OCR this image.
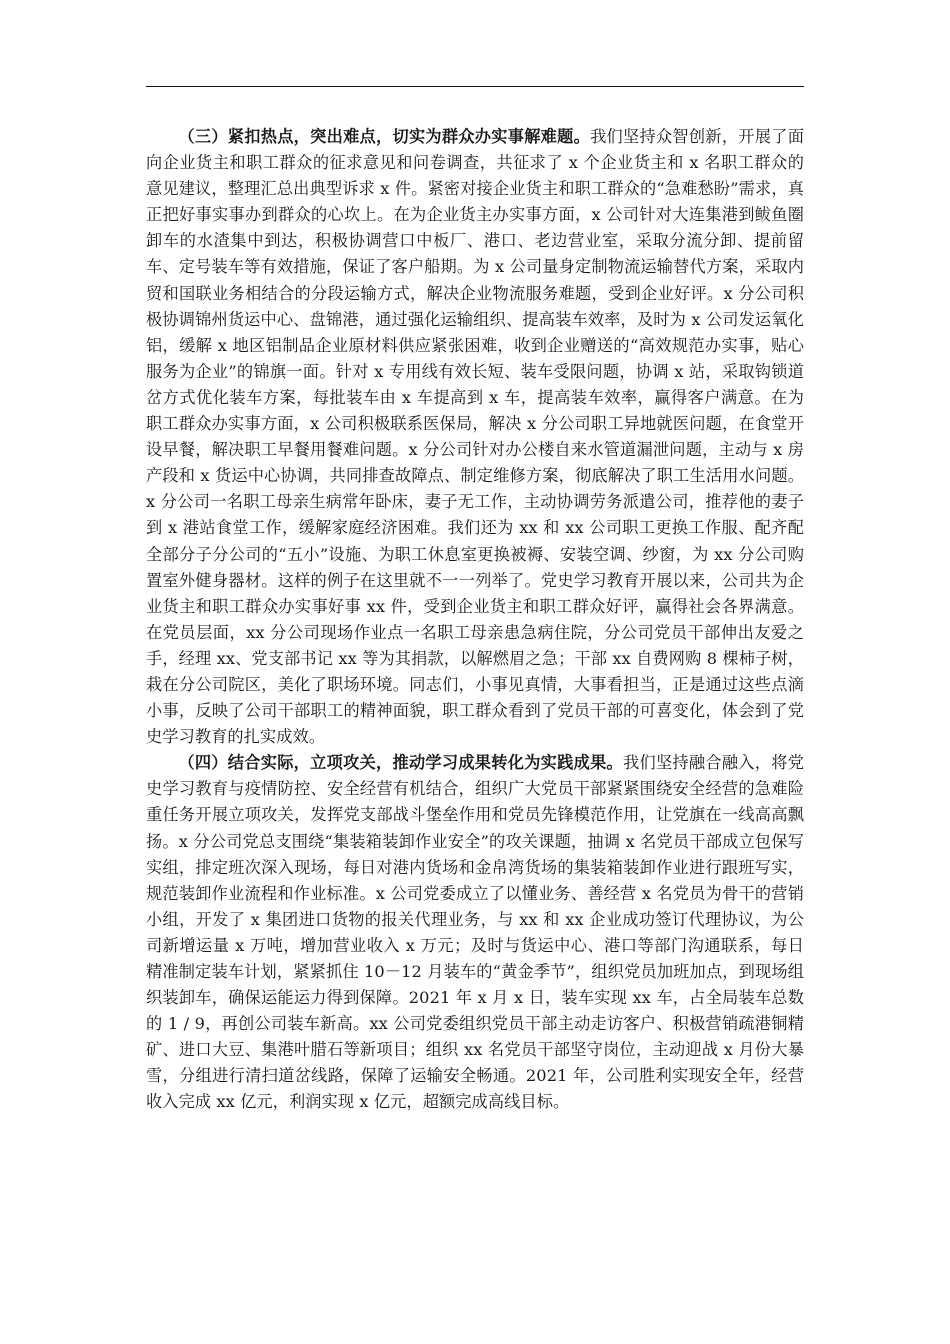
（三）紧扣热点，突出难点，切实为群众办实事解难题。我们坚持众智创新，开展了面向企业货主和职工群众的征求意见和问卷调查，共征求了 x 个企业货主和 x 名职工群众的意见建议，整理汇总出典型诉求 x 件。紧密对接企业货主和职工群众的“急难愁盼”需求，真正把好事实事办到群众的心坎上。在为企业货主办实事方面，x 公司针对大连集港到鲅鱼圈卸车的水渣集中到达，积极协调营口中板厂、港口、老边营业室，采取分流分卸、提前留车、定号装车等有效措施，保证了客户船期。为 x 公司量身定制物流运输替代方案，采取内贸和国联业务相结合的分段运输方式，解决企业物流服务难题，受到企业好评。x 分公司积极协调锦州货运中心、盘锦港，通过强化运输组织、提高装车效率，及时为 x 公司发运氧化铝，缓解 x 地区铝制品企业原材料供应紧张困难，收到企业赠送的“高效规范办实事，贴心服务为企业”的锦旗一面。针对 x 专用线有效长短、装车受限问题，协调 x 站，采取钩锁道岔方式优化装车方案，每批装车由 x 车提高到 x 车，提高装车效率，赢得客户满意。在为职工群众办实事方面，x 公司积极联系医保局，解决 x 分公司职工异地就医问题，在食堂开设早餐，解决职工早餐用餐难问题。x 分公司针对办公楼自来水管道漏泄问题，主动与 x 房产段和 x 货运中心协调，共同排查故障点、制定维修方案，彻底解决了职工生活用水问题。x 分公司一名职工母亲生病常年卧床，妻子无工作，主动协调劳务派遣公司，推荐他的妻子到 x 港站食堂工作，缓解家庭经济困难。我们还为 xx 和 xx 公司职工更换工作服、配齐配全部分子分公司的“五小”设施、为职工休息室更换被褥、安装空调、纱窗，为 xx 分公司购置室外健身器材。这样的例子在这里就不一一列举了。党史学习教育开展以来，公司共为企业货主和职工群众办实事好事 xx 件，受到企业货主和职工群众好评，赢得社会各界满意。在党员层面，xx 分公司现场作业点一名职工母亲患急病住院，分公司党员干部伸出友爱之手，经理 xx、党支部书记 xx 等为其捐款，以解燃眉之急；干部 xx 自费网购 8 棵柿子树，栽在分公司院区，美化了职场环境。同志们，小事见真情，大事看担当，正是通过这些点滴小事，反映了公司干部职工的精神面貌，职工群众看到了党员干部的可喜变化，体会到了党史学习教育的扎实成效。

（四）结合实际，立项攻关，推动学习成果转化为实践成果。我们坚持融合融入，将党史学习教育与疫情防控、安全经营有机结合，组织广大党员干部紧紧围绕安全经营的急难险重任务开展立项攻关，发挥党支部战斗堡垒作用和党员先锋模范作用，让党旗在一线高高飘扬。x 分公司党总支围绕“集装箱装卸作业安全”的攻关课题，抽调 x 名党员干部成立包保写实组，排定班次深入现场，每日对港内货场和金帛湾货场的集装箱装卸作业进行跟班写实，规范装卸作业流程和作业标准。x 公司党委成立了以懂业务、善经营 x 名党员为骨干的营销小组，开发了 x 集团进口货物的报关代理业务，与 xx 和 xx 企业成功签订代理协议，为公司新增运量 x 万吨，增加营业收入 x 万元；及时与货运中心、港口等部门沟通联系，每日精准制定装车计划，紧紧抓住 10－12 月装车的“黄金季节”，组织党员加班加点，到现场组织装卸车，确保运能运力得到保障。2021 年 x 月 x 日，装车实现 xx 车，占全局装车总数的 1 / 9，再创公司装车新高。xx 公司党委组织党员干部主动走访客户、积极营销疏港铜精矿、进口大豆、集港叶腊石等新项目；组织 xx 名党员干部坚守岗位，主动迎战 x 月份大暴雪，分组进行清扫道岔线路，保障了运输安全畅通。2021 年，公司胜利实现安全年，经营收入完成 xx 亿元，利润实现 x 亿元，超额完成高线目标。
